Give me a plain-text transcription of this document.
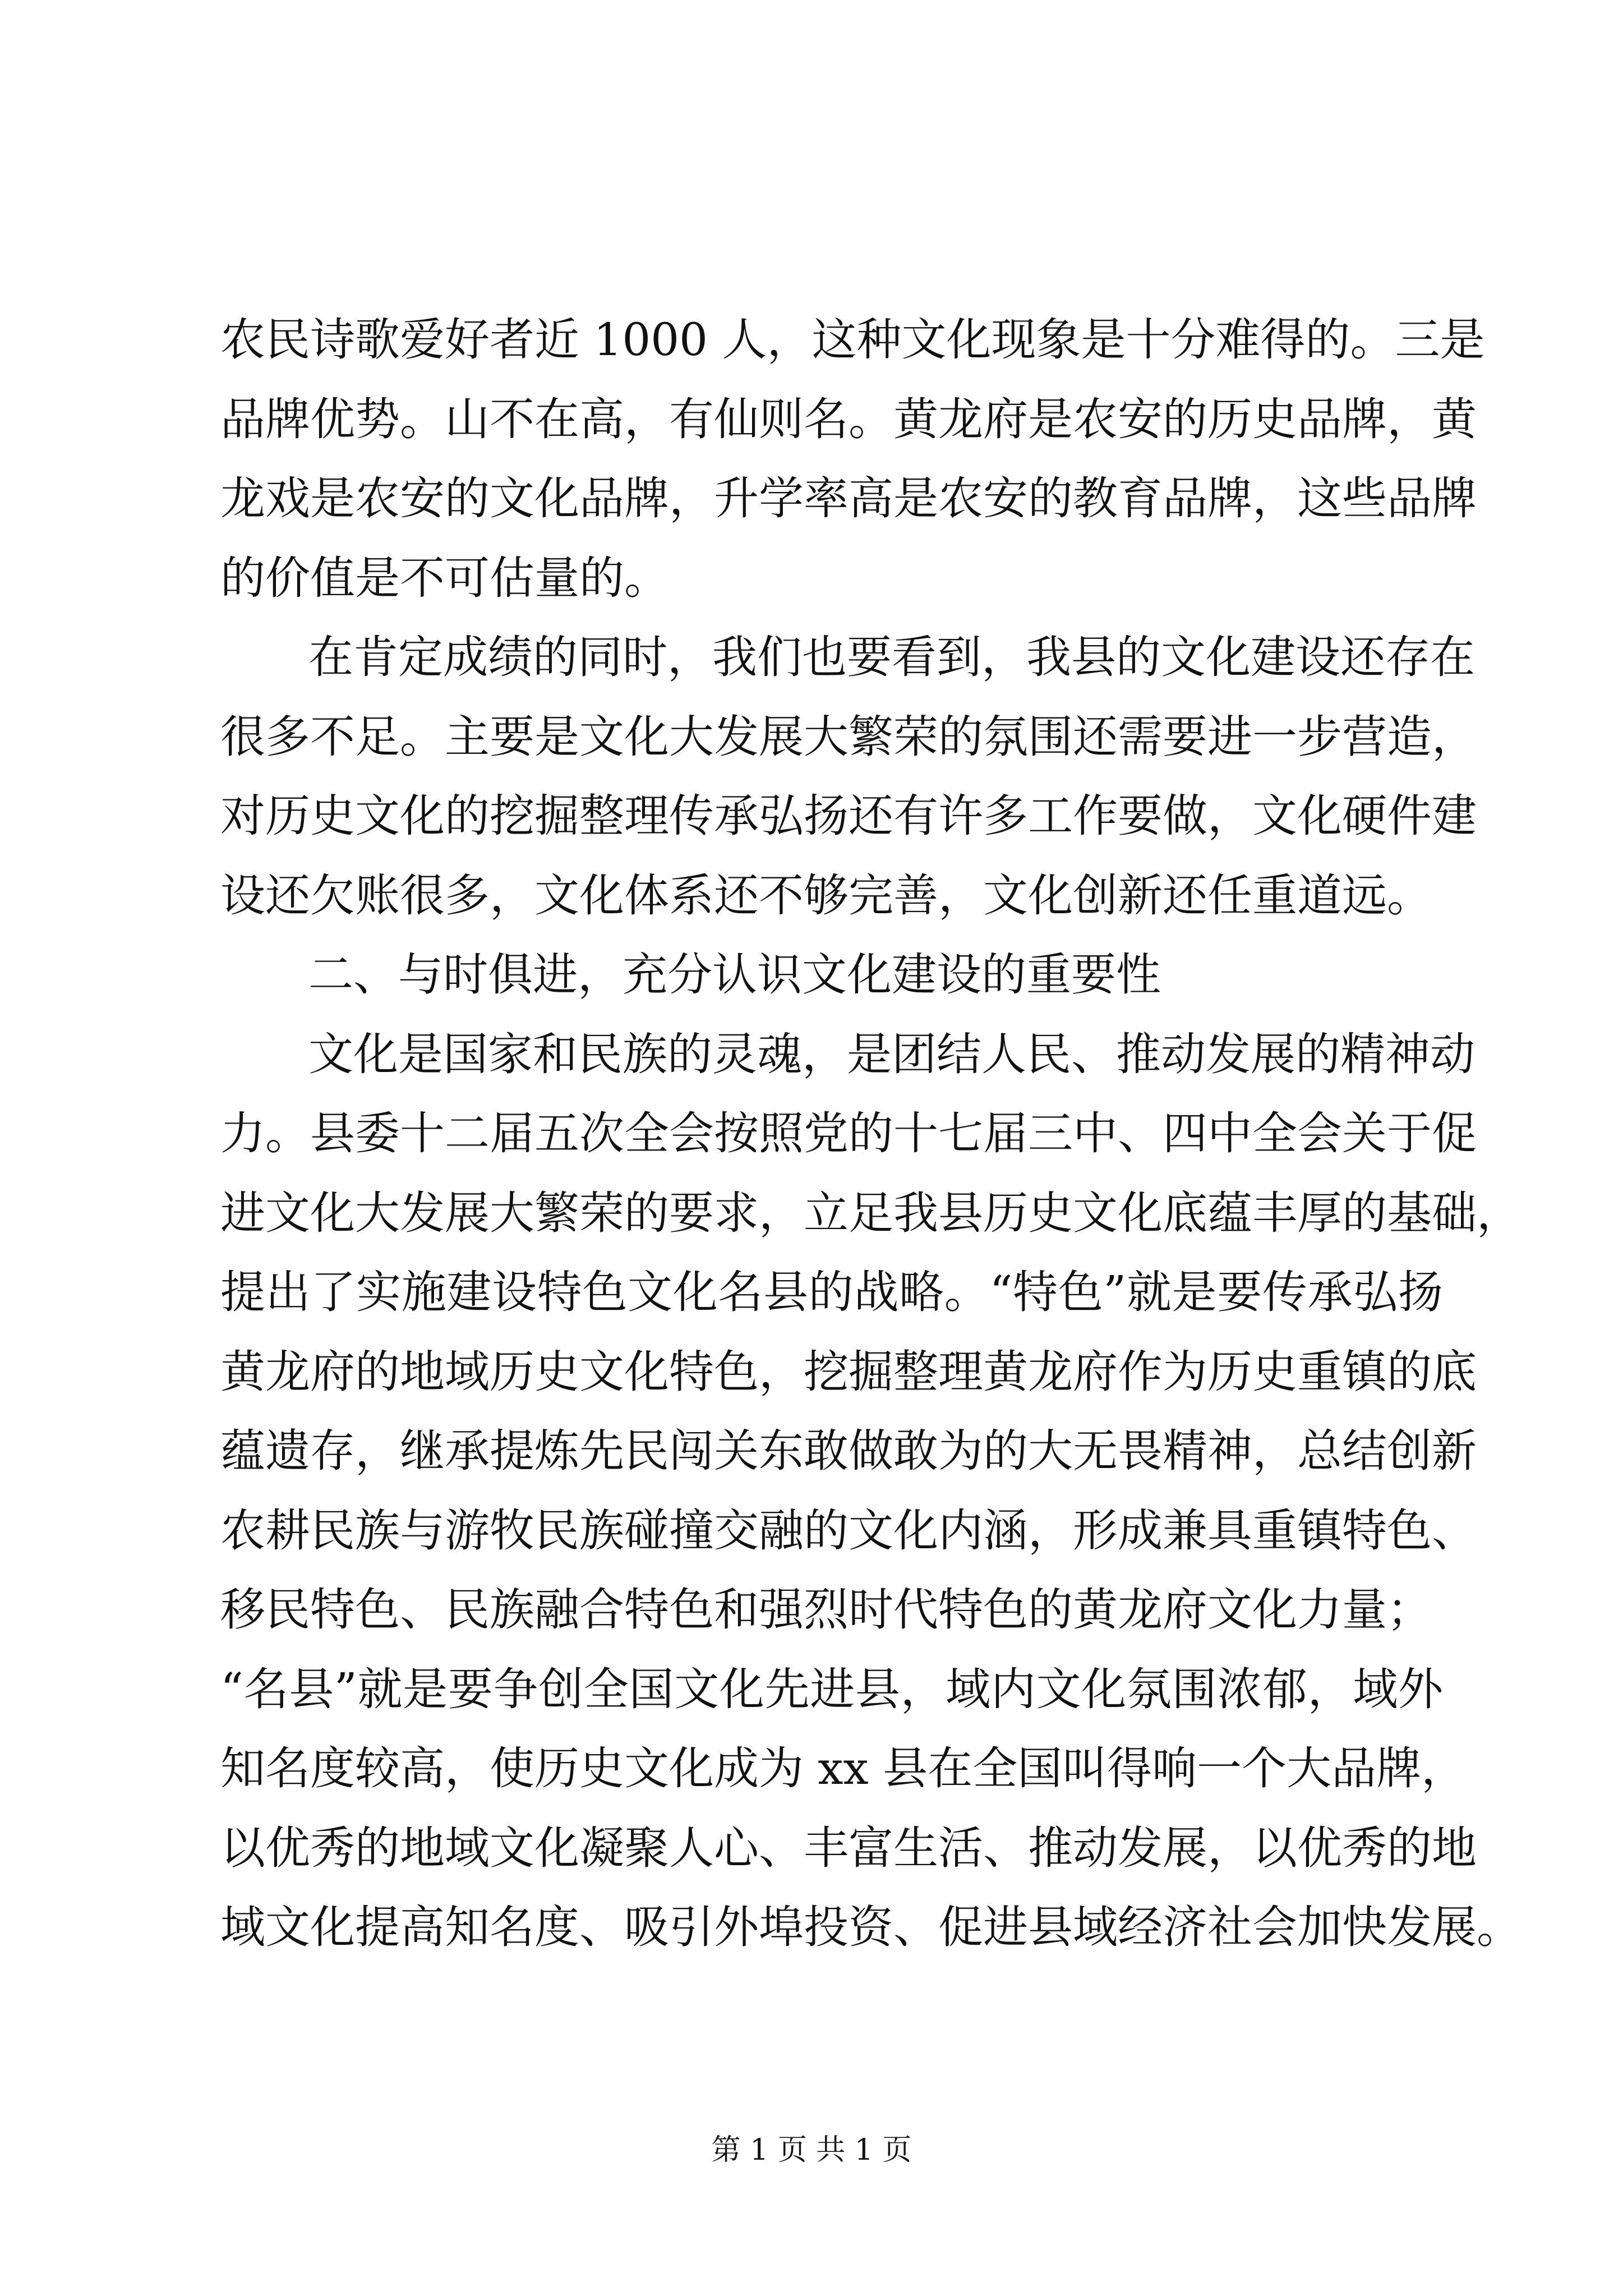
农民诗歌爱好者近 1000 人，这种文化现象是十分难得的。三是
品牌优势。山不在高，有仙则名。黄龙府是农安的历史品牌，黄
龙戏是农安的文化品牌，升学率高是农安的教育品牌，这些品牌
的价值是不可估量的。
在肯定成绩的同时，我们也要看到，我县的文化建设还存在
很多不足。主要是文化大发展大繁荣的氛围还需要进一步营造，
对历史文化的挖掘整理传承弘扬还有许多工作要做，文化硬件建
设还欠账很多，文化体系还不够完善，文化创新还任重道远。
二、与时俱进，充分认识文化建设的重要性
文化是国家和民族的灵魂，是团结人民、推动发展的精神动
力。县委十二届五次全会按照党的十七届三中、四中全会关于促
进文化大发展大繁荣的要求，立足我县历史文化底蕴丰厚的基础，
提出了实施建设特色文化名县的战略。“特色”就是要传承弘扬
黄龙府的地域历史文化特色，挖掘整理黄龙府作为历史重镇的底
蕴遗存，继承提炼先民闯关东敢做敢为的大无畏精神，总结创新
农耕民族与游牧民族碰撞交融的文化内涵，形成兼具重镇特色、
移民特色、民族融合特色和强烈时代特色的黄龙府文化力量；
“名县”就是要争创全国文化先进县，域内文化氛围浓郁，域外
知名度较高，使历史文化成为 xx 县在全国叫得响一个大品牌，
以优秀的地域文化凝聚人心、丰富生活、推动发展，以优秀的地
域文化提高知名度、吸引外埠投资、促进县域经济社会加快发展。
第 1 页 共 1 页
